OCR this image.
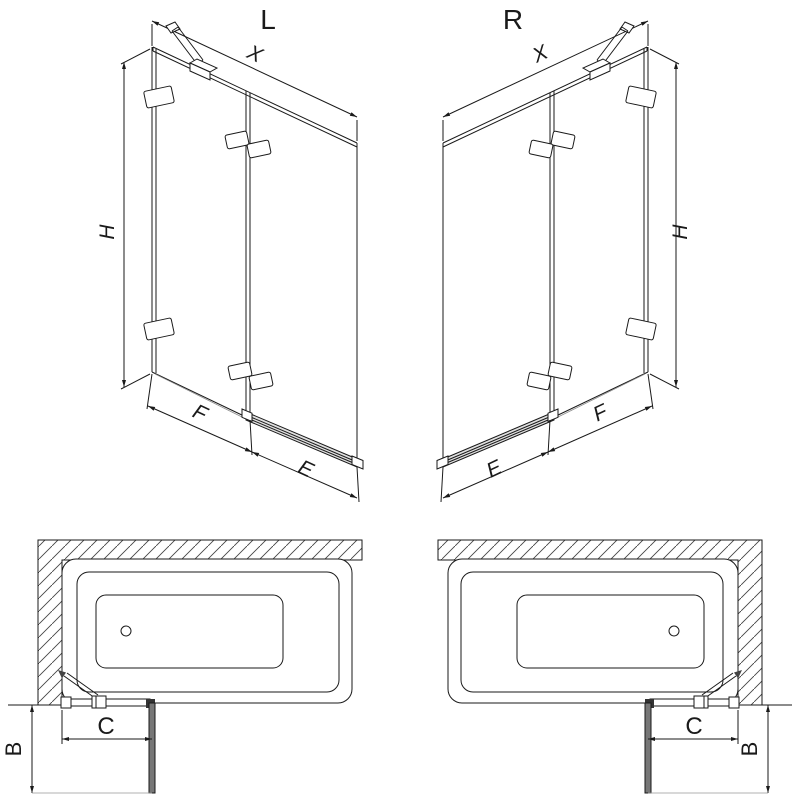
L	R
X	X
H	H
F
E
F
E
C	C
B	B
